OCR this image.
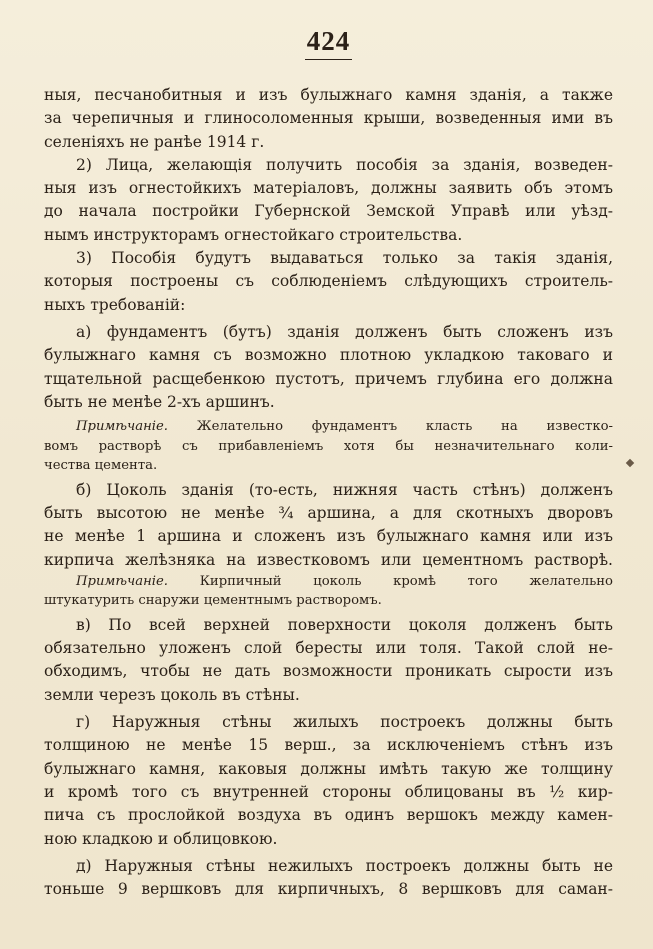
424
ныя, песчанобитныя и изъ булыжнаго камня зданія, а также
за черепичныя и глиносоломенныя крыши, возведенныя ими въ
селеніяхъ не ранѣе 1914 г.
2) Лица, желающія получить пособія за зданія, возведен-
ныя изъ огнестойкихъ матеріаловъ, должны заявить объ этомъ
до начала постройки Губернской Земской Управѣ или уѣзд-
нымъ инструкторамъ огнестойкаго строительства.
3) Пособія будутъ выдаваться только за такія зданія,
которыя построены съ соблюденіемъ слѣдующихъ строитель-
ныхъ требованій:
а) фундаментъ (бутъ) зданія долженъ быть сложенъ изъ
булыжнаго камня съ возможно плотною укладкою таковаго и
тщательной расщебенкою пустотъ, причемъ глубина его должна
быть не менѣе 2-хъ аршинъ.
Примѣчаніе. Желательно фундаментъ класть на известко-
вомъ растворѣ съ прибавленіемъ хотя бы незначительнаго коли-
чества цемента.
б) Цоколь зданія (то-есть, нижняя часть стѣнъ) долженъ
быть высотою не менѣе ¾ аршина, а для скотныхъ дворовъ
не менѣе 1 аршина и сложенъ изъ булыжнаго камня или изъ
кирпича желѣзняка на известковомъ или цементномъ растворѣ.
Примѣчаніе. Кирпичный цоколь кромѣ того желательно
штукатурить снаружи цементнымъ растворомъ.
в) По всей верхней поверхности цоколя долженъ быть
обязательно уложенъ слой бересты или толя. Такой слой не-
обходимъ, чтобы не дать возможности проникать сырости изъ
земли черезъ цоколь въ стѣны.
г) Наружныя стѣны жилыхъ построекъ должны быть
толщиною не менѣе 15 верш., за исключеніемъ стѣнъ изъ
булыжнаго камня, каковыя должны имѣть такую же толщину
и кромѣ того съ внутренней стороны облицованы въ ½ кир-
пича съ прослойкой воздуха въ одинъ вершокъ между камен-
ною кладкою и облицовкою.
д) Наружныя стѣны нежилыхъ построекъ должны быть не
тоньше 9 вершковъ для кирпичныхъ, 8 вершковъ для саман-
